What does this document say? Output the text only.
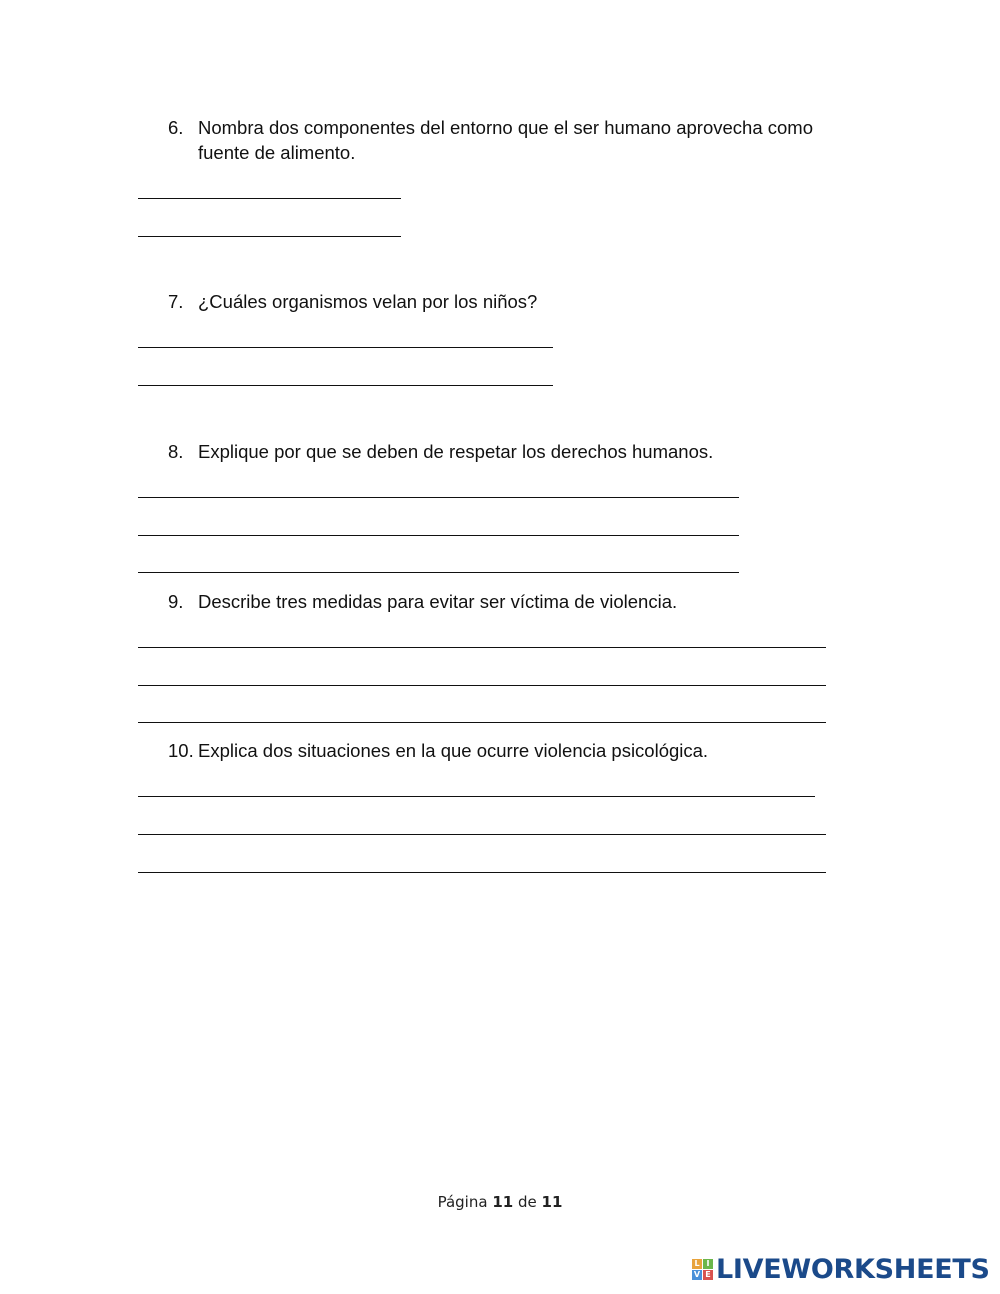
6. Nombra dos componentes del entorno que el ser humano aprovecha como fuente de alimento.
7. ¿Cuáles organismos velan por los niños?
8. Explique por que se deben de respetar los derechos humanos.
9. Describe tres medidas para evitar ser víctima de violencia.
10. Explica dos situaciones en la que ocurre violencia psicológica.
Página 11 de 11
L I
V E LIVEWORKSHEETS
